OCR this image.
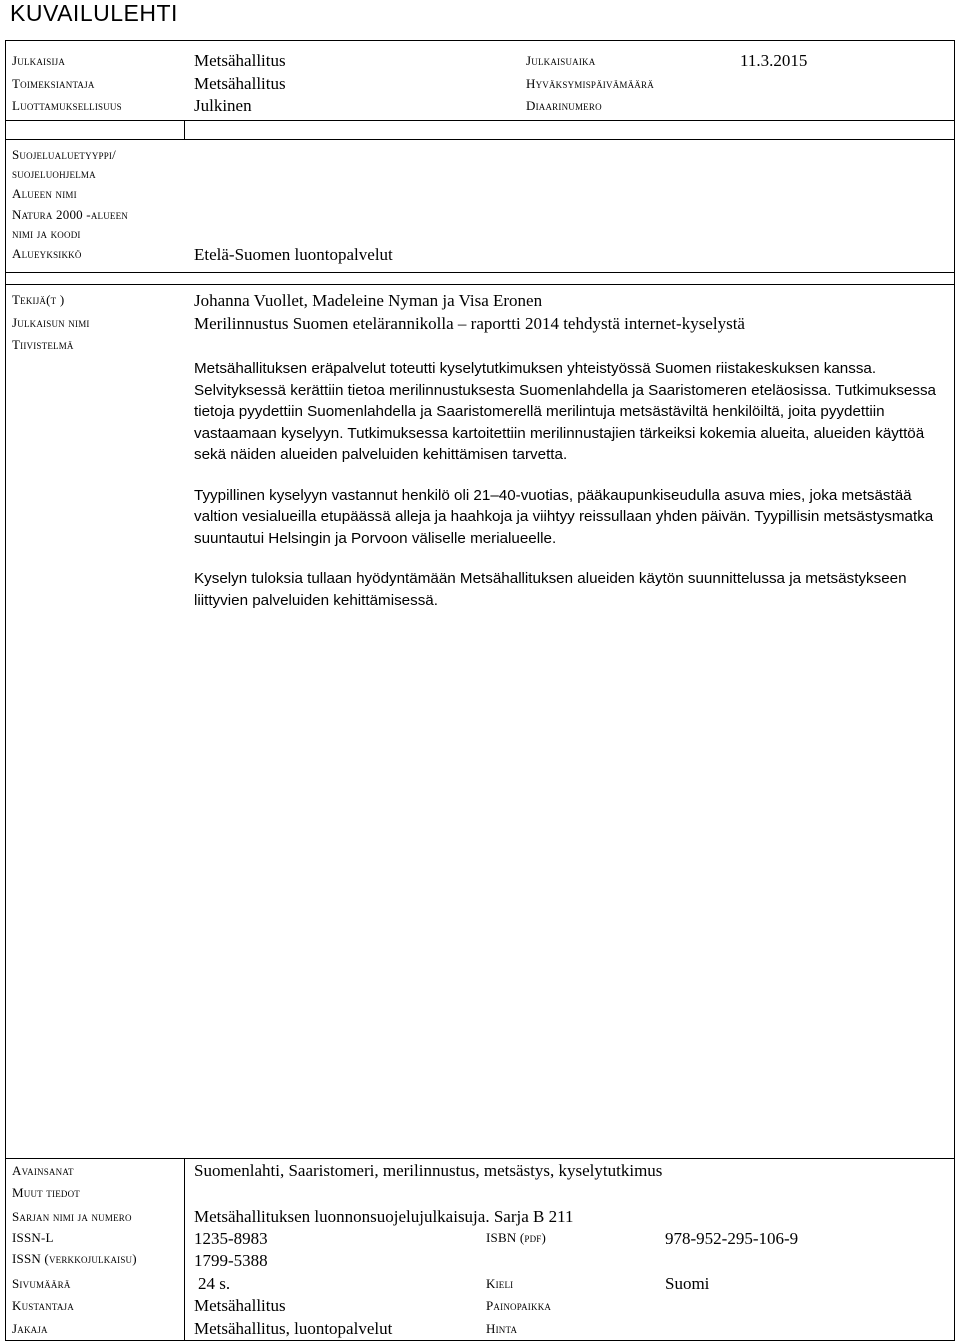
KUVAILULEHTI
Julkaisija	Metsähallitus	Julkaisuaika	11.3.2015
Toimeksiantaja	Metsähallitus	Hyväksymispäivämäärä
Luottamuksellisuus	Julkinen	Diaarinumero
Suojelualuetyyppi/
suojeluohjelma
Alueen nimi
Natura 2000 -alueen
nimi ja koodi
Alueyksikkö	Etelä-Suomen luontopalvelut
Tekijä(t )	Johanna Vuollet, Madeleine Nyman ja Visa Eronen
Julkaisun nimi	Merilinnustus Suomen etelärannikolla – raportti 2014 tehdystä internet-kyselystä
Tiivistelmä

Metsähallituksen eräpalvelut toteutti kyselytutkimuksen yhteistyössä Suomen riistakeskuksen kanssa. Selvityksessä kerättiin tietoa merilinnustuksesta Suomenlahdella ja Saaristomeren eteläosissa. Tutkimuksessa tietoja pyydettiin Suomenlahdella ja Saaristomerellä merilintuja metsästäviltä henkilöiltä, joita pyydettiin vastaamaan kyselyyn. Tutkimuksessa kartoitettiin merilinnustajien tärkeiksi kokemia alueita, alueiden käyttöä sekä näiden alueiden palveluiden kehittämisen tarvetta.

Tyypillinen kyselyyn vastannut henkilö oli 21–40-vuotias, pääkaupunkiseudulla asuva mies, joka metsästää valtion vesialueilla etupäässä alleja ja haahkoja ja viihtyy reissullaan yhden päivän. Tyypillisin metsästysmatka suuntautui Helsingin ja Porvoon väliselle merialueelle.

Kyselyn tuloksia tullaan hyödyntämään Metsähallituksen alueiden käytön suunnittelussa ja metsästykseen liittyvien palveluiden kehittämisessä.

Avainsanat	Suomenlahti, Saaristomeri, merilinnustus, metsästys, kyselytutkimus
Muut tiedot
Sarjan nimi ja numero	Metsähallituksen luonnonsuojelujulkaisuja. Sarja B 211
ISSN-L	1235-8983	ISBN (pdf)	978-952-295-106-9
ISSN (verkkojulkaisu)	1799-5388
Sivumäärä	24 s.	Kieli	Suomi
Kustantaja	Metsähallitus	Painopaikka
Jakaja	Metsähallitus, luontopalvelut	Hinta
